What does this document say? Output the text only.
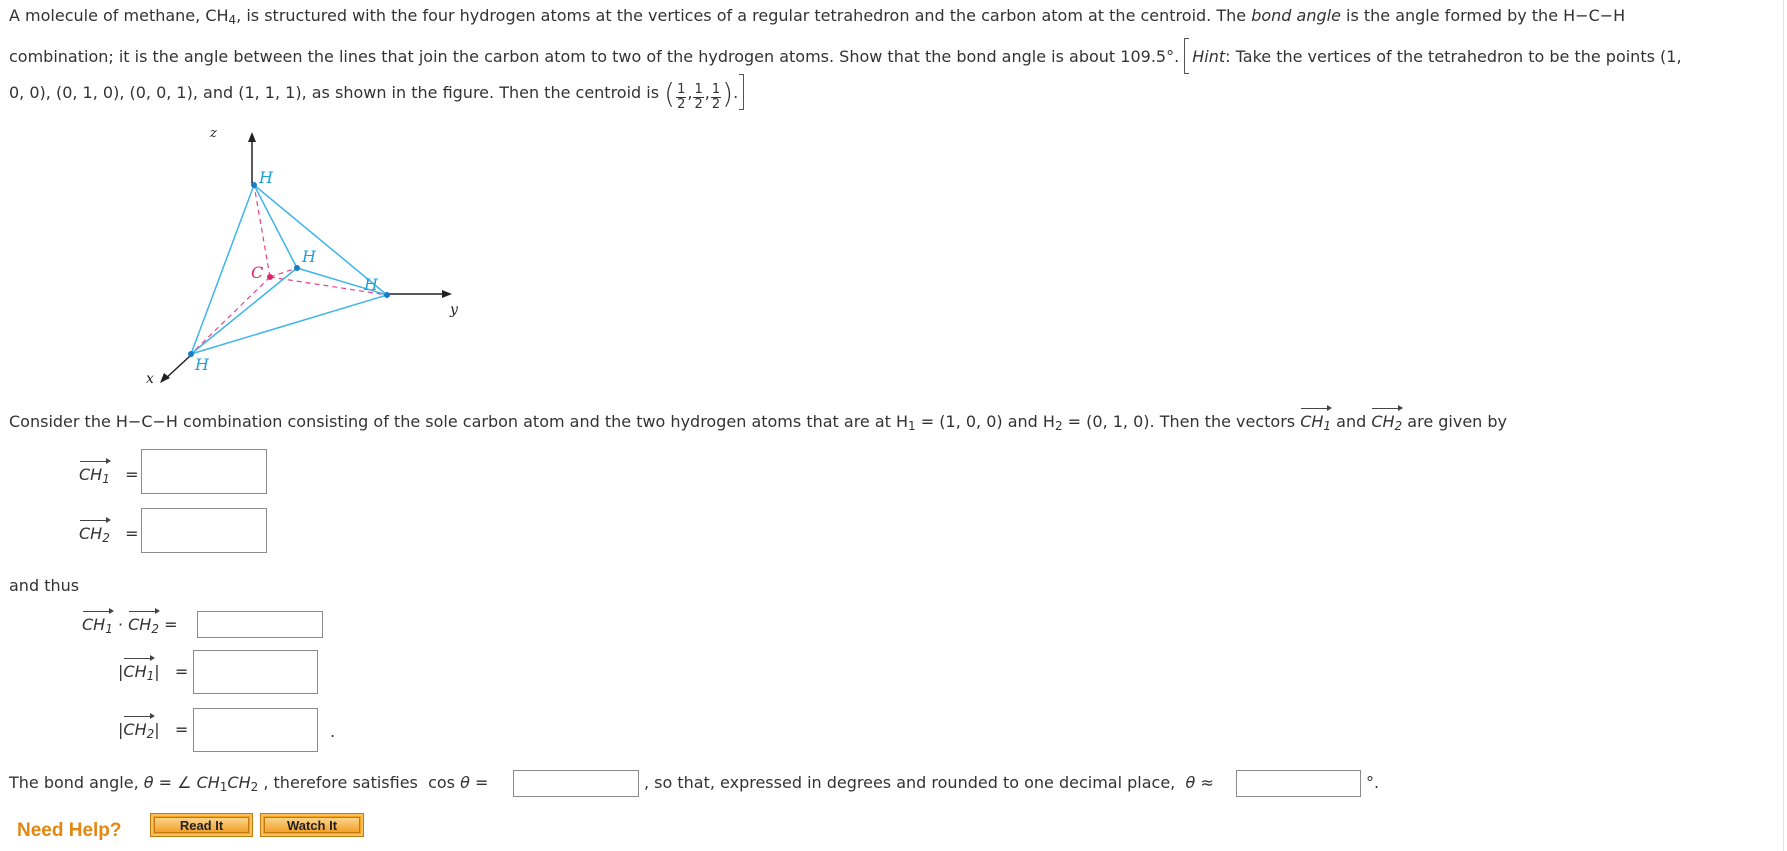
A molecule of methane, $CH_4$, is structured with the four hydrogen atoms at the vertices of a regular tetrahedron and the carbon atom at the centroid. The bond angle is the angle formed by the H−C−H
combination; it is the angle between the lines that join the carbon atom to two of the hydrogen atoms. Show that the bond angle is about 109.5°. Hint: Take the vertices of the tetrahedron to be the points (1,
0, 0), (0, 1, 0), (0, 0, 1), and (1, 1, 1), as shown in the figure. Then the centroid is ( $\frac{1}{2}$ , $\frac{1}{2}$ , $\frac{1}{2}$ ).
z
y
x
H
H
H
H
C
Consider the H−C−H combination consisting of the sole carbon atom and the two hydrogen atoms that are at $H_1 = (1$, 0, 0) and $H_2 = (0$, 1, 0). Then the vectors $CH_1$ and $CH_2$ are given by
$CH_1$ =
$CH_2$ =
and thus
$CH_1 \cdot CH_2$ =
$|CH_1|$   =
$|CH_2|$   =	.
The bond angle, θ = ∠ $CH_1CH_2$ , therefore satisfies cos θ =	, so that, expressed in degrees and rounded to one decimal place, θ ≈	°.
Need Help?	Read It	Watch It
